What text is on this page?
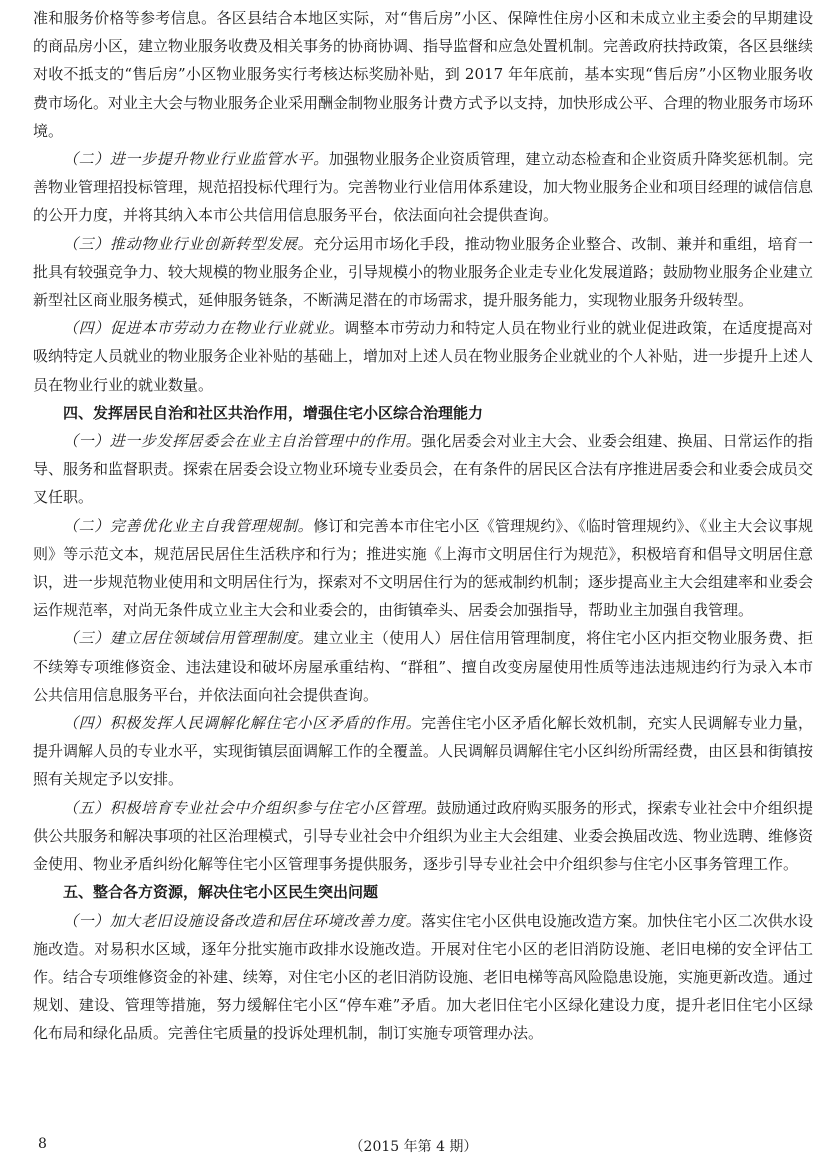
准和服务价格等参考信息。各区县结合本地区实际，对“售后房”小区、保障性住房小区和未成立业主委会的早期建设的商品房小区，建立物业服务收费及相关事务的协商协调、指导监督和应急处置机制。完善政府扶持政策，各区县继续对收不抵支的“售后房”小区物业服务实行考核达标奖励补贴，到 2017 年年底前，基本实现“售后房”小区物业服务收费市场化。对业主大会与物业服务企业采用酬金制物业服务计费方式予以支持，加快形成公平、合理的物业服务市场环境。

（二）进一步提升物业行业监管水平。加强物业服务企业资质管理，建立动态检查和企业资质升降奖惩机制。完善物业管理招投标管理，规范招投标代理行为。完善物业行业信用体系建设，加大物业服务企业和项目经理的诚信信息的公开力度，并将其纳入本市公共信用信息服务平台，依法面向社会提供查询。

（三）推动物业行业创新转型发展。充分运用市场化手段，推动物业服务企业整合、改制、兼并和重组，培育一批具有较强竞争力、较大规模的物业服务企业，引导规模小的物业服务企业走专业化发展道路；鼓励物业服务企业建立新型社区商业服务模式，延伸服务链条，不断满足潜在的市场需求，提升服务能力，实现物业服务升级转型。

（四）促进本市劳动力在物业行业就业。调整本市劳动力和特定人员在物业行业的就业促进政策，在适度提高对吸纳特定人员就业的物业服务企业补贴的基础上，增加对上述人员在物业服务企业就业的个人补贴，进一步提升上述人员在物业行业的就业数量。

四、发挥居民自治和社区共治作用，增强住宅小区综合治理能力

（一）进一步发挥居委会在业主自治管理中的作用。强化居委会对业主大会、业委会组建、换届、日常运作的指导、服务和监督职责。探索在居委会设立物业环境专业委员会，在有条件的居民区合法有序推进居委会和业委会成员交叉任职。

（二）完善优化业主自我管理规制。修订和完善本市住宅小区《管理规约》、《临时管理规约》、《业主大会议事规则》等示范文本，规范居民居住生活秩序和行为；推进实施《上海市文明居住行为规范》，积极培育和倡导文明居住意识，进一步规范物业使用和文明居住行为，探索对不文明居住行为的惩戒制约机制；逐步提高业主大会组建率和业委会运作规范率，对尚无条件成立业主大会和业委会的，由街镇牵头、居委会加强指导，帮助业主加强自我管理。

（三）建立居住领域信用管理制度。建立业主（使用人）居住信用管理制度，将住宅小区内拒交物业服务费、拒不续筹专项维修资金、违法建设和破坏房屋承重结构、“群租”、擅自改变房屋使用性质等违法违规违约行为录入本市公共信用信息服务平台，并依法面向社会提供查询。

（四）积极发挥人民调解化解住宅小区矛盾的作用。完善住宅小区矛盾化解长效机制，充实人民调解专业力量，提升调解人员的专业水平，实现街镇层面调解工作的全覆盖。人民调解员调解住宅小区纠纷所需经费，由区县和街镇按照有关规定予以安排。

（五）积极培育专业社会中介组织参与住宅小区管理。鼓励通过政府购买服务的形式，探索专业社会中介组织提供公共服务和解决事项的社区治理模式，引导专业社会中介组织为业主大会组建、业委会换届改选、物业选聘、维修资金使用、物业矛盾纠纷化解等住宅小区管理事务提供服务，逐步引导专业社会中介组织参与住宅小区事务管理工作。

五、整合各方资源，解决住宅小区民生突出问题

（一）加大老旧设施设备改造和居住环境改善力度。落实住宅小区供电设施改造方案。加快住宅小区二次供水设施改造。对易积水区域，逐年分批实施市政排水设施改造。开展对住宅小区的老旧消防设施、老旧电梯的安全评估工作。结合专项维修资金的补建、续筹，对住宅小区的老旧消防设施、老旧电梯等高风险隐患设施，实施更新改造。通过规划、建设、管理等措施，努力缓解住宅小区“停车难”矛盾。加大老旧住宅小区绿化建设力度，提升老旧住宅小区绿化布局和绿化品质。完善住宅质量的投诉处理机制，制订实施专项管理办法。

8	（2015 年第 4 期）
